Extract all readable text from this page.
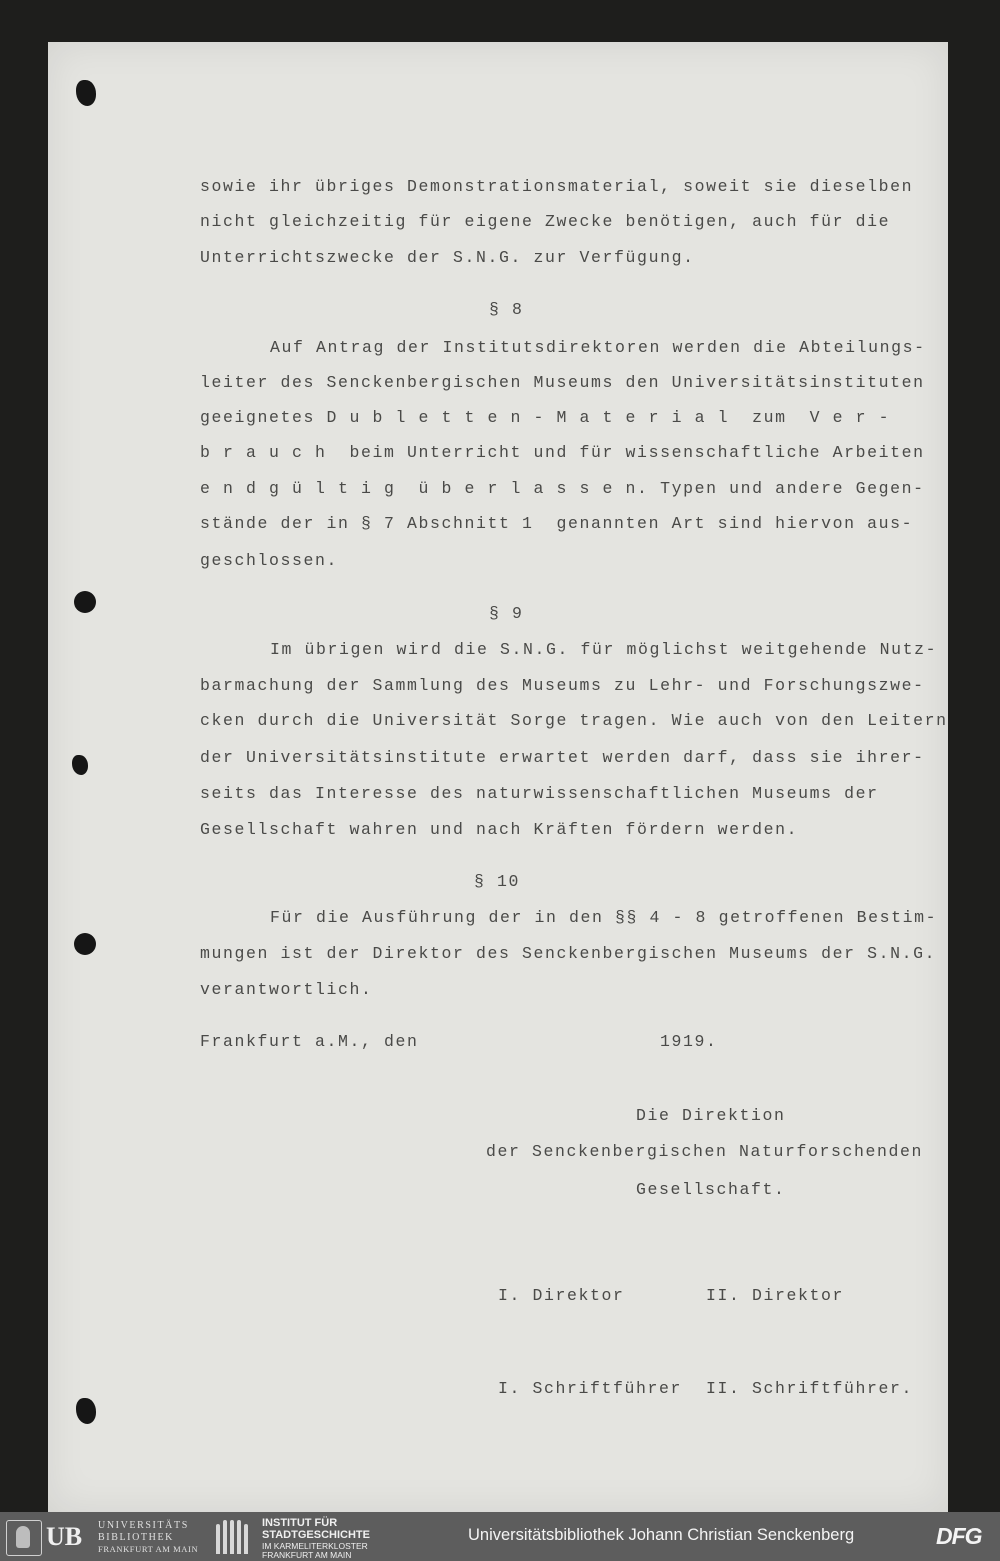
sowie ihr übriges Demonstrationsmaterial, soweit sie dieselben
nicht gleichzeitig für eigene Zwecke benötigen, auch für die
Unterrichtszwecke der S.N.G. zur Verfügung.
§ 8
Auf Antrag der Institutsdirektoren werden die Abteilungs-
leiter des Senckenbergischen Museums den Universitätsinstituten
geeignetes D u b l e t t e n - M a t e r i a l  zum  V e r -
b r a u c h  beim Unterricht und für wissenschaftliche Arbeiten
e n d g ü l t i g  ü b e r l a s s e n. Typen und andere Gegen-
stände der in § 7 Abschnitt 1  genannten Art sind hiervon aus-
geschlossen.
§ 9
Im übrigen wird die S.N.G. für möglichst weitgehende Nutz-
barmachung der Sammlung des Museums zu Lehr- und Forschungszwe-
cken durch die Universität Sorge tragen. Wie auch von den Leitern
der Universitätsinstitute erwartet werden darf, dass sie ihrer-
seits das Interesse des naturwissenschaftlichen Museums der
Gesellschaft wahren und nach Kräften fördern werden.
§ 10
Für die Ausführung der in den §§ 4 - 8 getroffenen Bestim-
mungen ist der Direktor des Senckenbergischen Museums der S.N.G.
verantwortlich.
Frankfurt a.M., den	1919.
Die Direktion
der Senckenbergischen Naturforschenden
Gesellschaft.
I. Direktor	II. Direktor
I. Schriftführer	II. Schriftführer.
UB UNIVERSITÄTS
BIBLIOTHEK
FRANKFURT AM MAIN
INSTITUT FÜR
STADTGESCHICHTE
IM KARMELITERKLOSTER
FRANKFURT AM MAIN
Universitätsbibliothek Johann Christian Senckenberg	DFG
